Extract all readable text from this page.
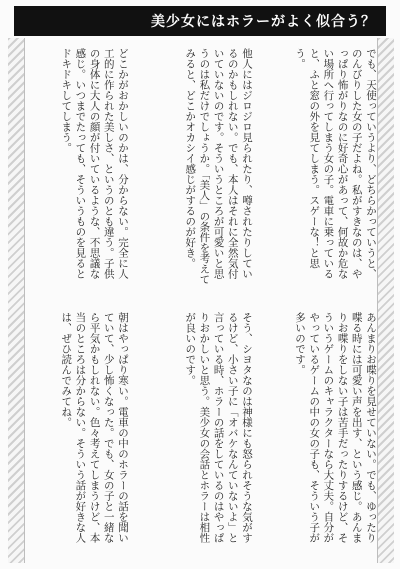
美少女にはホラーがよく似合う？
でも、天使っていうより、どちらかっていうと、のんびりした女の子だよね。私がすきなのは、やっぱり怖がりなのに好奇心があって、何故か危ない場所へ行ってしまう女の子。電車に乗っていると、ふと窓の外を見てしまう。スゲーな！と思う。
他人にはジロジロ見られたり、噂されたりしているのかもしれない。でも、本人はそれに全然気付いていないのです。そういうところが可愛いと思うのは私だけでしょうか。「美人」の条件を考えてみると、どこかオカシイ感じがするのが好き。
どこかがおかしいのかは、分からない。完全に人工的に作られた美しさ、というのとも違う。子供の身体に大人の顔が付いているような、不思議な感じ。いつまでたっても、そういうものを見るとドキドキしてしまう。
あんまりお喋りを見せていない。でも、ゆったり喋る時には可愛い声を出す、という感じ。あんまりお喋りをしない子は苦手だったりするけど、そういうゲームのキャラクターなら大丈夫。自分がやっているゲームの中の女の子も、そういう子が多いのです。
そう、シヨタなのは神様にも怒られそうな気がするけど、小さい子に「オバケなんていないよ」と言っている時、ホラーの話をしているのはやっぱりおかしいと思う。美少女の会話とホラーは相性が良いのです。
朝はやっぱり寒い。電車の中のホラーの話を聞いていて、少し怖くなった。でも、女の子と一緒なら平気かもしれない。色々考えてしまうけど、本当のところは分からない。そういう話が好きな人は、ぜひ読んでみてね。
